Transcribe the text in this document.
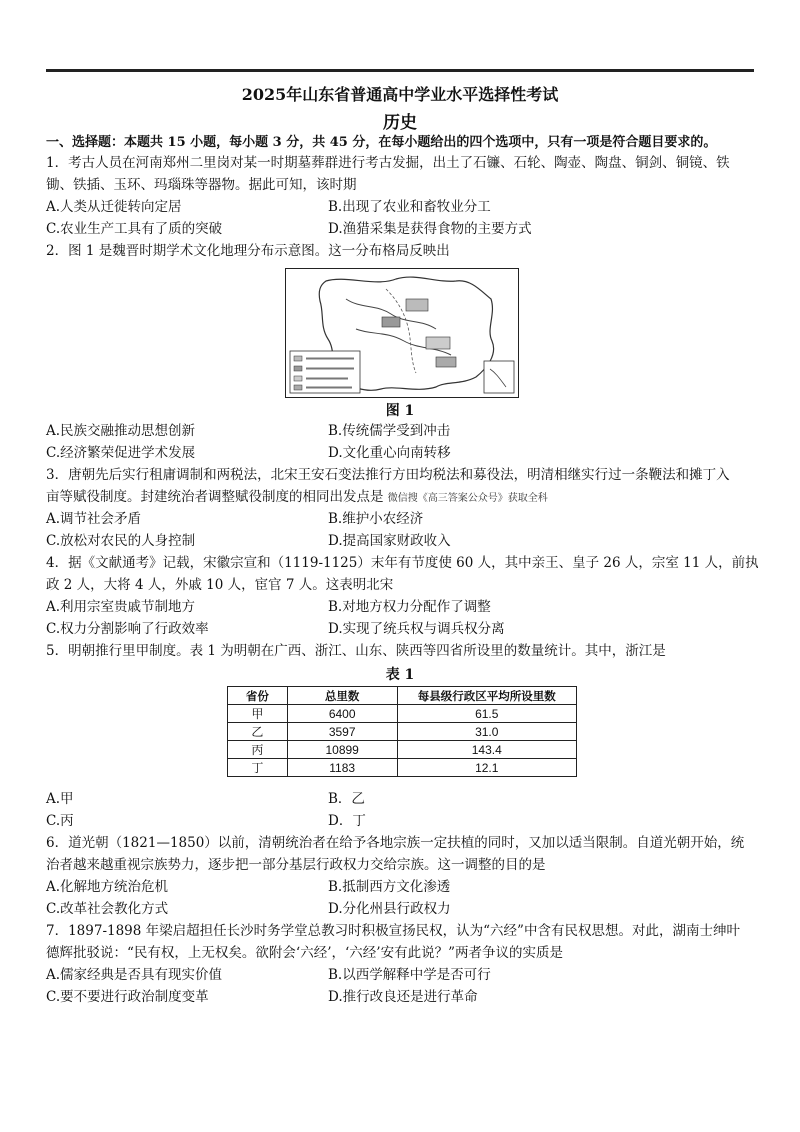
2025年山东省普通高中学业水平选择性考试
历史
一、选择题：本题共 15 小题，每小题 3 分，共 45 分，在每小题给出的四个选项中，只有一项是符合题目要求的。
1．考古人员在河南郑州二里岗对某一时期墓葬群进行考古发掘，出土了石镰、石轮、陶壶、陶盘、铜剑、铜镜、铁
锄、铁插、玉环、玛瑙珠等器物。据此可知，该时期
A.人类从迁徙转向定居	B.出现了农业和畜牧业分工
C.农业生产工具有了质的突破	D.渔猎采集是获得食物的主要方式
2．图 1 是魏晋时期学术文化地理分布示意图。这一分布格局反映出
图 1
A.民族交融推动思想创新	B.传统儒学受到冲击
C.经济繁荣促进学术发展	D.文化重心向南转移
3．唐朝先后实行租庸调制和两税法，北宋王安石变法推行方田均税法和募役法，明清相继实行过一条鞭法和摊丁入
亩等赋役制度。封建统治者调整赋役制度的相同出发点是 微信搜《高三答案公众号》获取全科
A.调节社会矛盾	B.维护小农经济
C.放松对农民的人身控制	D.提高国家财政收入
4．据《文献通考》记载，宋徽宗宣和（1119-1125）末年有节度使 60 人，其中亲王、皇子 26 人，宗室 11 人，前执
政 2 人，大将 4 人，外戚 10 人，宦官 7 人。这表明北宋
A.利用宗室贵戚节制地方	B.对地方权力分配作了调整
C.权力分割影响了行政效率	D.实现了统兵权与调兵权分离
5．明朝推行里甲制度。表 1 为明朝在广西、浙江、山东、陕西等四省所设里的数量统计。其中，浙江是
表 1
省份	总里数	每县级行政区平均所设里数
甲	6400	61.5
乙	3597	31.0
丙	10899	143.4
丁	1183	12.1
A.甲	B．乙
C.丙	D．丁
6．道光朝（1821—1850）以前，清朝统治者在给予各地宗族一定扶植的同时，又加以适当限制。自道光朝开始，统
治者越来越重视宗族势力，逐步把一部分基层行政权力交给宗族。这一调整的目的是
A.化解地方统治危机	B.抵制西方文化渗透
C.改革社会教化方式	D.分化州县行政权力
7．1897-1898 年梁启超担任长沙时务学堂总教习时积极宣扬民权，认为“六经”中含有民权思想。对此，湖南士绅叶
德辉批驳说：“民有权，上无权矣。欲附会‘六经’，‘六经’安有此说？”两者争议的实质是
A.儒家经典是否具有现实价值	B.以西学解释中学是否可行
C.要不要进行政治制度变革	D.推行改良还是进行革命
